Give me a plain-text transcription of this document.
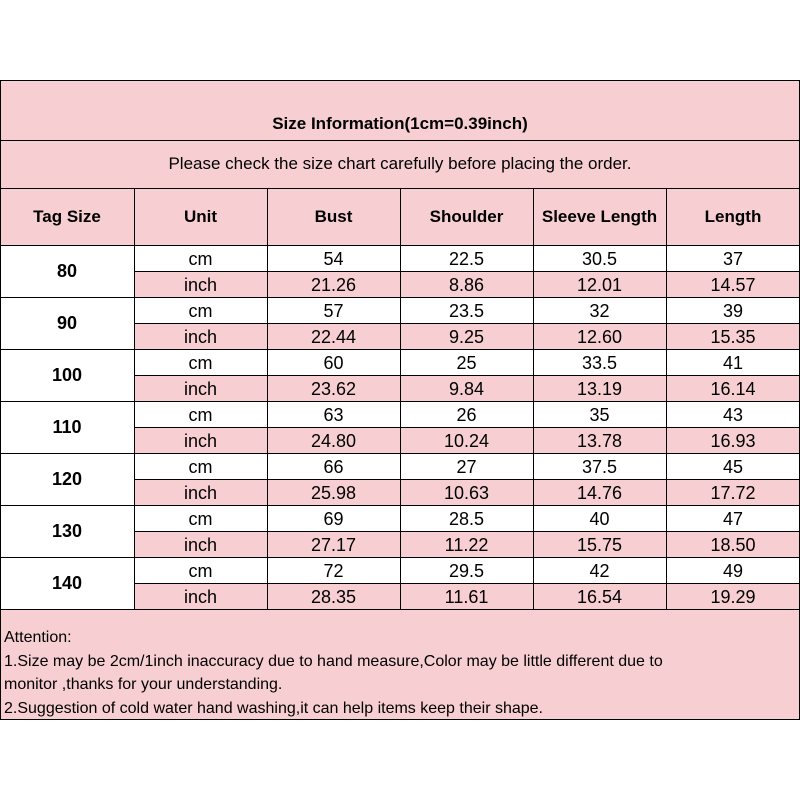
Size Information(1cm=0.39inch)
Please check the size chart carefully before placing the order.
Tag Size	Unit	Bust	Shoulder	Sleeve Length	Length
80
cm	54	22.5	30.5	37
inch	21.26	8.86	12.01	14.57
90
cm	57	23.5	32	39
inch	22.44	9.25	12.60	15.35
100
cm	60	25	33.5	41
inch	23.62	9.84	13.19	16.14
110
cm	63	26	35	43
inch	24.80	10.24	13.78	16.93
120
cm	66	27	37.5	45
inch	25.98	10.63	14.76	17.72
130
cm	69	28.5	40	47
inch	27.17	11.22	15.75	18.50
140
cm	72	29.5	42	49
inch	28.35	11.61	16.54	19.29
Attention:
1.Size may be 2cm/1inch inaccuracy due to hand measure,Color may be little different due to
monitor ,thanks for your understanding.
2.Suggestion of cold water hand washing,it can help items keep their shape.
